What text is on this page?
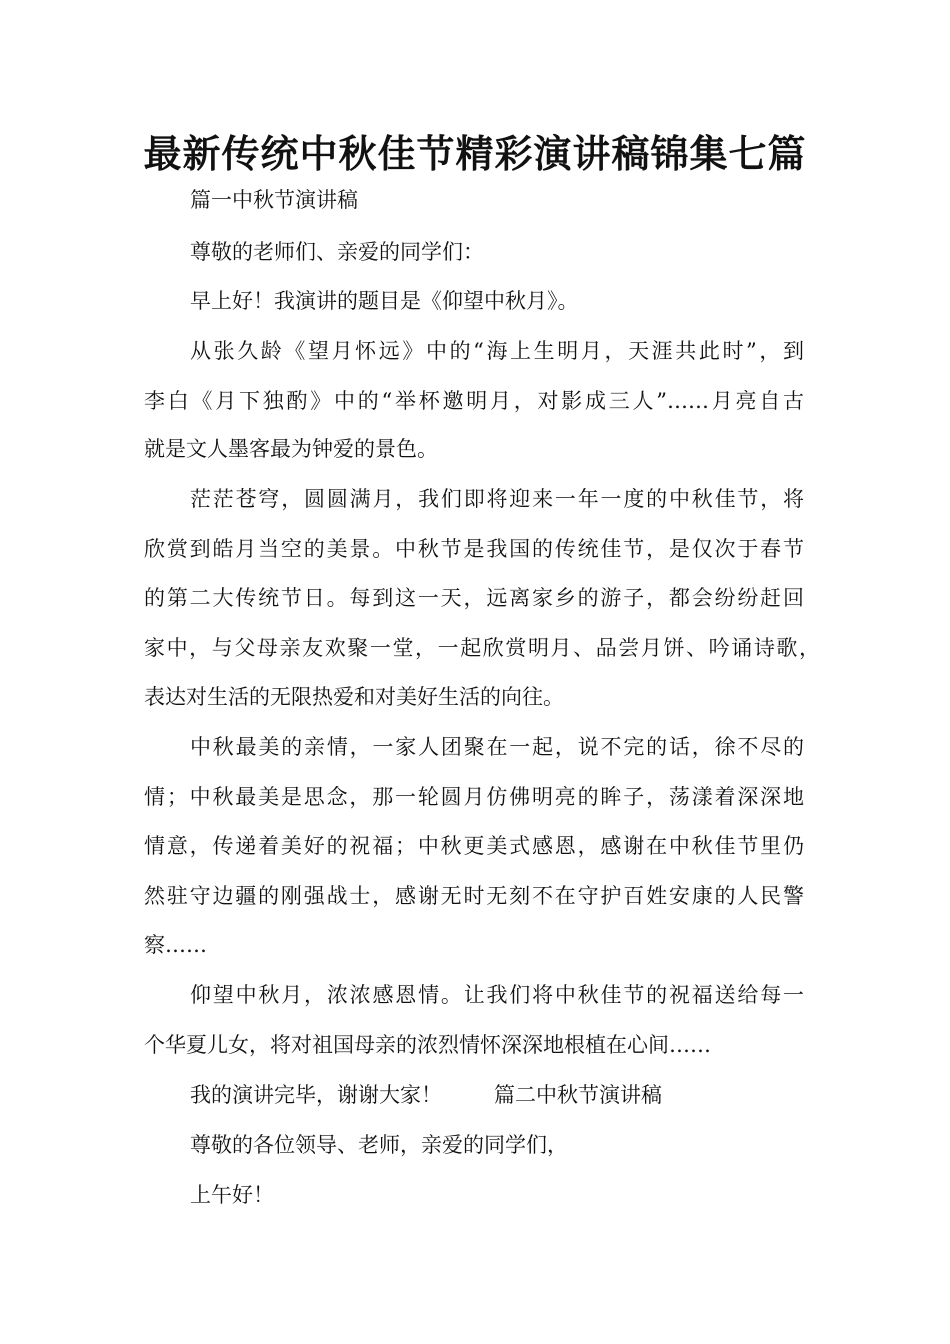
最新传统中秋佳节精彩演讲稿锦集七篇
篇一中秋节演讲稿
尊敬的老师们、亲爱的同学们：
早上好！我演讲的题目是《仰望中秋月》。
从张久龄《望月怀远》中的“海上生明月，天涯共此时”，到
李白《月下独酌》中的“举杯邀明月，对影成三人”……月亮自古
就是文人墨客最为钟爱的景色。
茫茫苍穹，圆圆满月，我们即将迎来一年一度的中秋佳节，将
欣赏到皓月当空的美景。中秋节是我国的传统佳节，是仅次于春节
的第二大传统节日。每到这一天，远离家乡的游子，都会纷纷赶回
家中，与父母亲友欢聚一堂，一起欣赏明月、品尝月饼、吟诵诗歌，
表达对生活的无限热爱和对美好生活的向往。
中秋最美的亲情，一家人团聚在一起，说不完的话，徐不尽的
情；中秋最美是思念，那一轮圆月仿佛明亮的眸子，荡漾着深深地
情意，传递着美好的祝福；中秋更美式感恩，感谢在中秋佳节里仍
然驻守边疆的刚强战士，感谢无时无刻不在守护百姓安康的人民警
察……
仰望中秋月，浓浓感恩情。让我们将中秋佳节的祝福送给每一
个华夏儿女，将对祖国母亲的浓烈情怀深深地根植在心间……
我的演讲完毕，谢谢大家！ 篇二中秋节演讲稿
尊敬的各位领导、老师，亲爱的同学们，
上午好！
